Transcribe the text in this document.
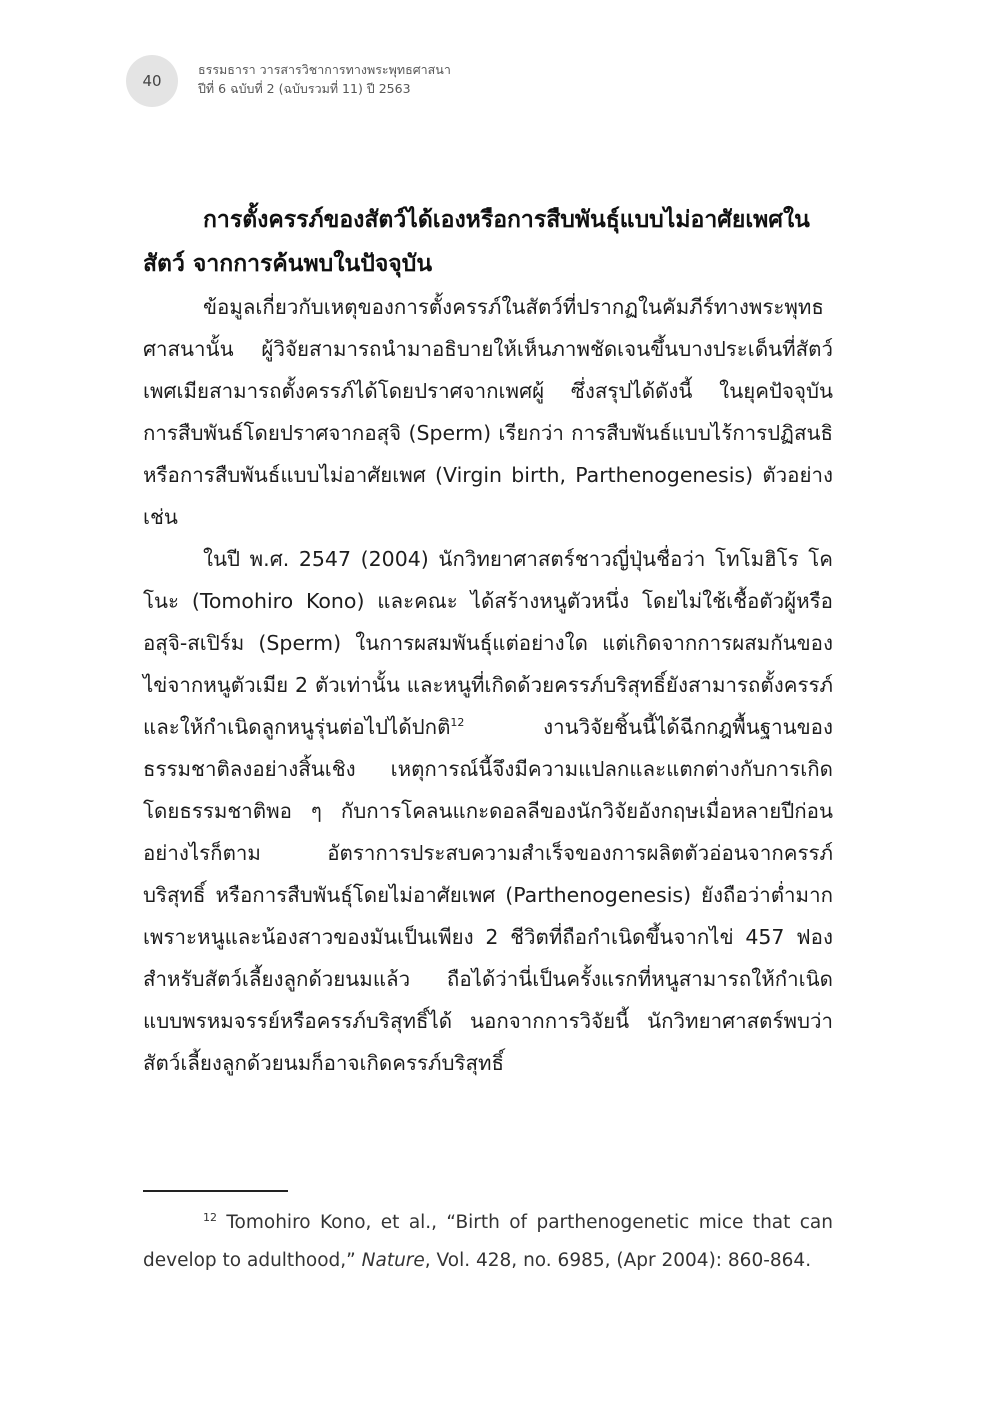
40
ธรรมธารา วารสารวิชาการทางพระพุทธศาสนา
ปีที่ 6 ฉบับที่ 2 (ฉบับรวมที่ 11) ปี 2563
การตั้งครรภ์ของสัตว์ได้เองหรือการสืบพันธุ์แบบไม่อาศัยเพศในสัตว์ จากการค้นพบในปัจจุบัน

ข้อมูลเกี่ยวกับเหตุของการตั้งครรภ์ในสัตว์ที่ปรากฏในคัมภีร์ทางพระพุทธศาสนานั้น ผู้วิจัยสามารถนำมาอธิบายให้เห็นภาพชัดเจนขึ้นบางประเด็นที่สัตว์เพศเมียสามารถตั้งครรภ์ได้โดยปราศจากเพศผู้ ซึ่งสรุปได้ดังนี้ ในยุคปัจจุบัน การสืบพันธ์โดยปราศจากอสุจิ (Sperm) เรียกว่า การสืบพันธ์แบบไร้การปฏิสนธิ หรือการสืบพันธ์แบบไม่อาศัยเพศ (Virgin birth, Parthenogenesis) ตัวอย่างเช่น

ในปี พ.ศ. 2547 (2004) นักวิทยาศาสตร์ชาวญี่ปุ่นชื่อว่า โทโมฮิโร โคโนะ (Tomohiro Kono) และคณะ ได้สร้างหนูตัวหนึ่ง โดยไม่ใช้เชื้อตัวผู้หรืออสุจิ-สเปิร์ม (Sperm) ในการผสมพันธุ์แต่อย่างใด แต่เกิดจากการผสมกันของไข่จากหนูตัวเมีย 2 ตัวเท่านั้น และหนูที่เกิดด้วยครรภ์บริสุทธิ์ยังสามารถตั้งครรภ์และให้กำเนิดลูกหนูรุ่นต่อไปได้ปกติ$^{12}$	งานวิจัยชิ้นนี้ได้ฉีกกฎพื้นฐานของธรรมชาติลงอย่างสิ้นเชิง เหตุการณ์นี้จึงมีความแปลกและแตกต่างกับการเกิดโดยธรรมชาติพอ ๆ กับการโคลนแกะดอลลีของนักวิจัยอังกฤษเมื่อหลายปีก่อน อย่างไรก็ตาม อัตราการประสบความสำเร็จของการผลิตตัวอ่อนจากครรภ์บริสุทธิ์ หรือการสืบพันธุ์โดยไม่อาศัยเพศ (Parthenogenesis) ยังถือว่าต่ำมาก เพราะหนูและน้องสาวของมันเป็นเพียง 2 ชีวิตที่ถือกำเนิดขึ้นจากไข่ 457 ฟอง สำหรับสัตว์เลี้ยงลูกด้วยนมแล้ว ถือได้ว่านี่เป็นครั้งแรกที่หนูสามารถให้กำเนิดแบบพรหมจรรย์หรือครรภ์บริสุทธิ์ได้ นอกจากการวิจัยนี้ นักวิทยาศาสตร์พบว่า สัตว์เลี้ยงลูกด้วยนมก็อาจเกิดครรภ์บริสุทธิ์

$^{12}$ Tomohiro Kono, et al., “Birth of parthenogenetic mice that can develop to adulthood,” Nature, Vol. 428, no. 6985, (Apr 2004): 860-864.
